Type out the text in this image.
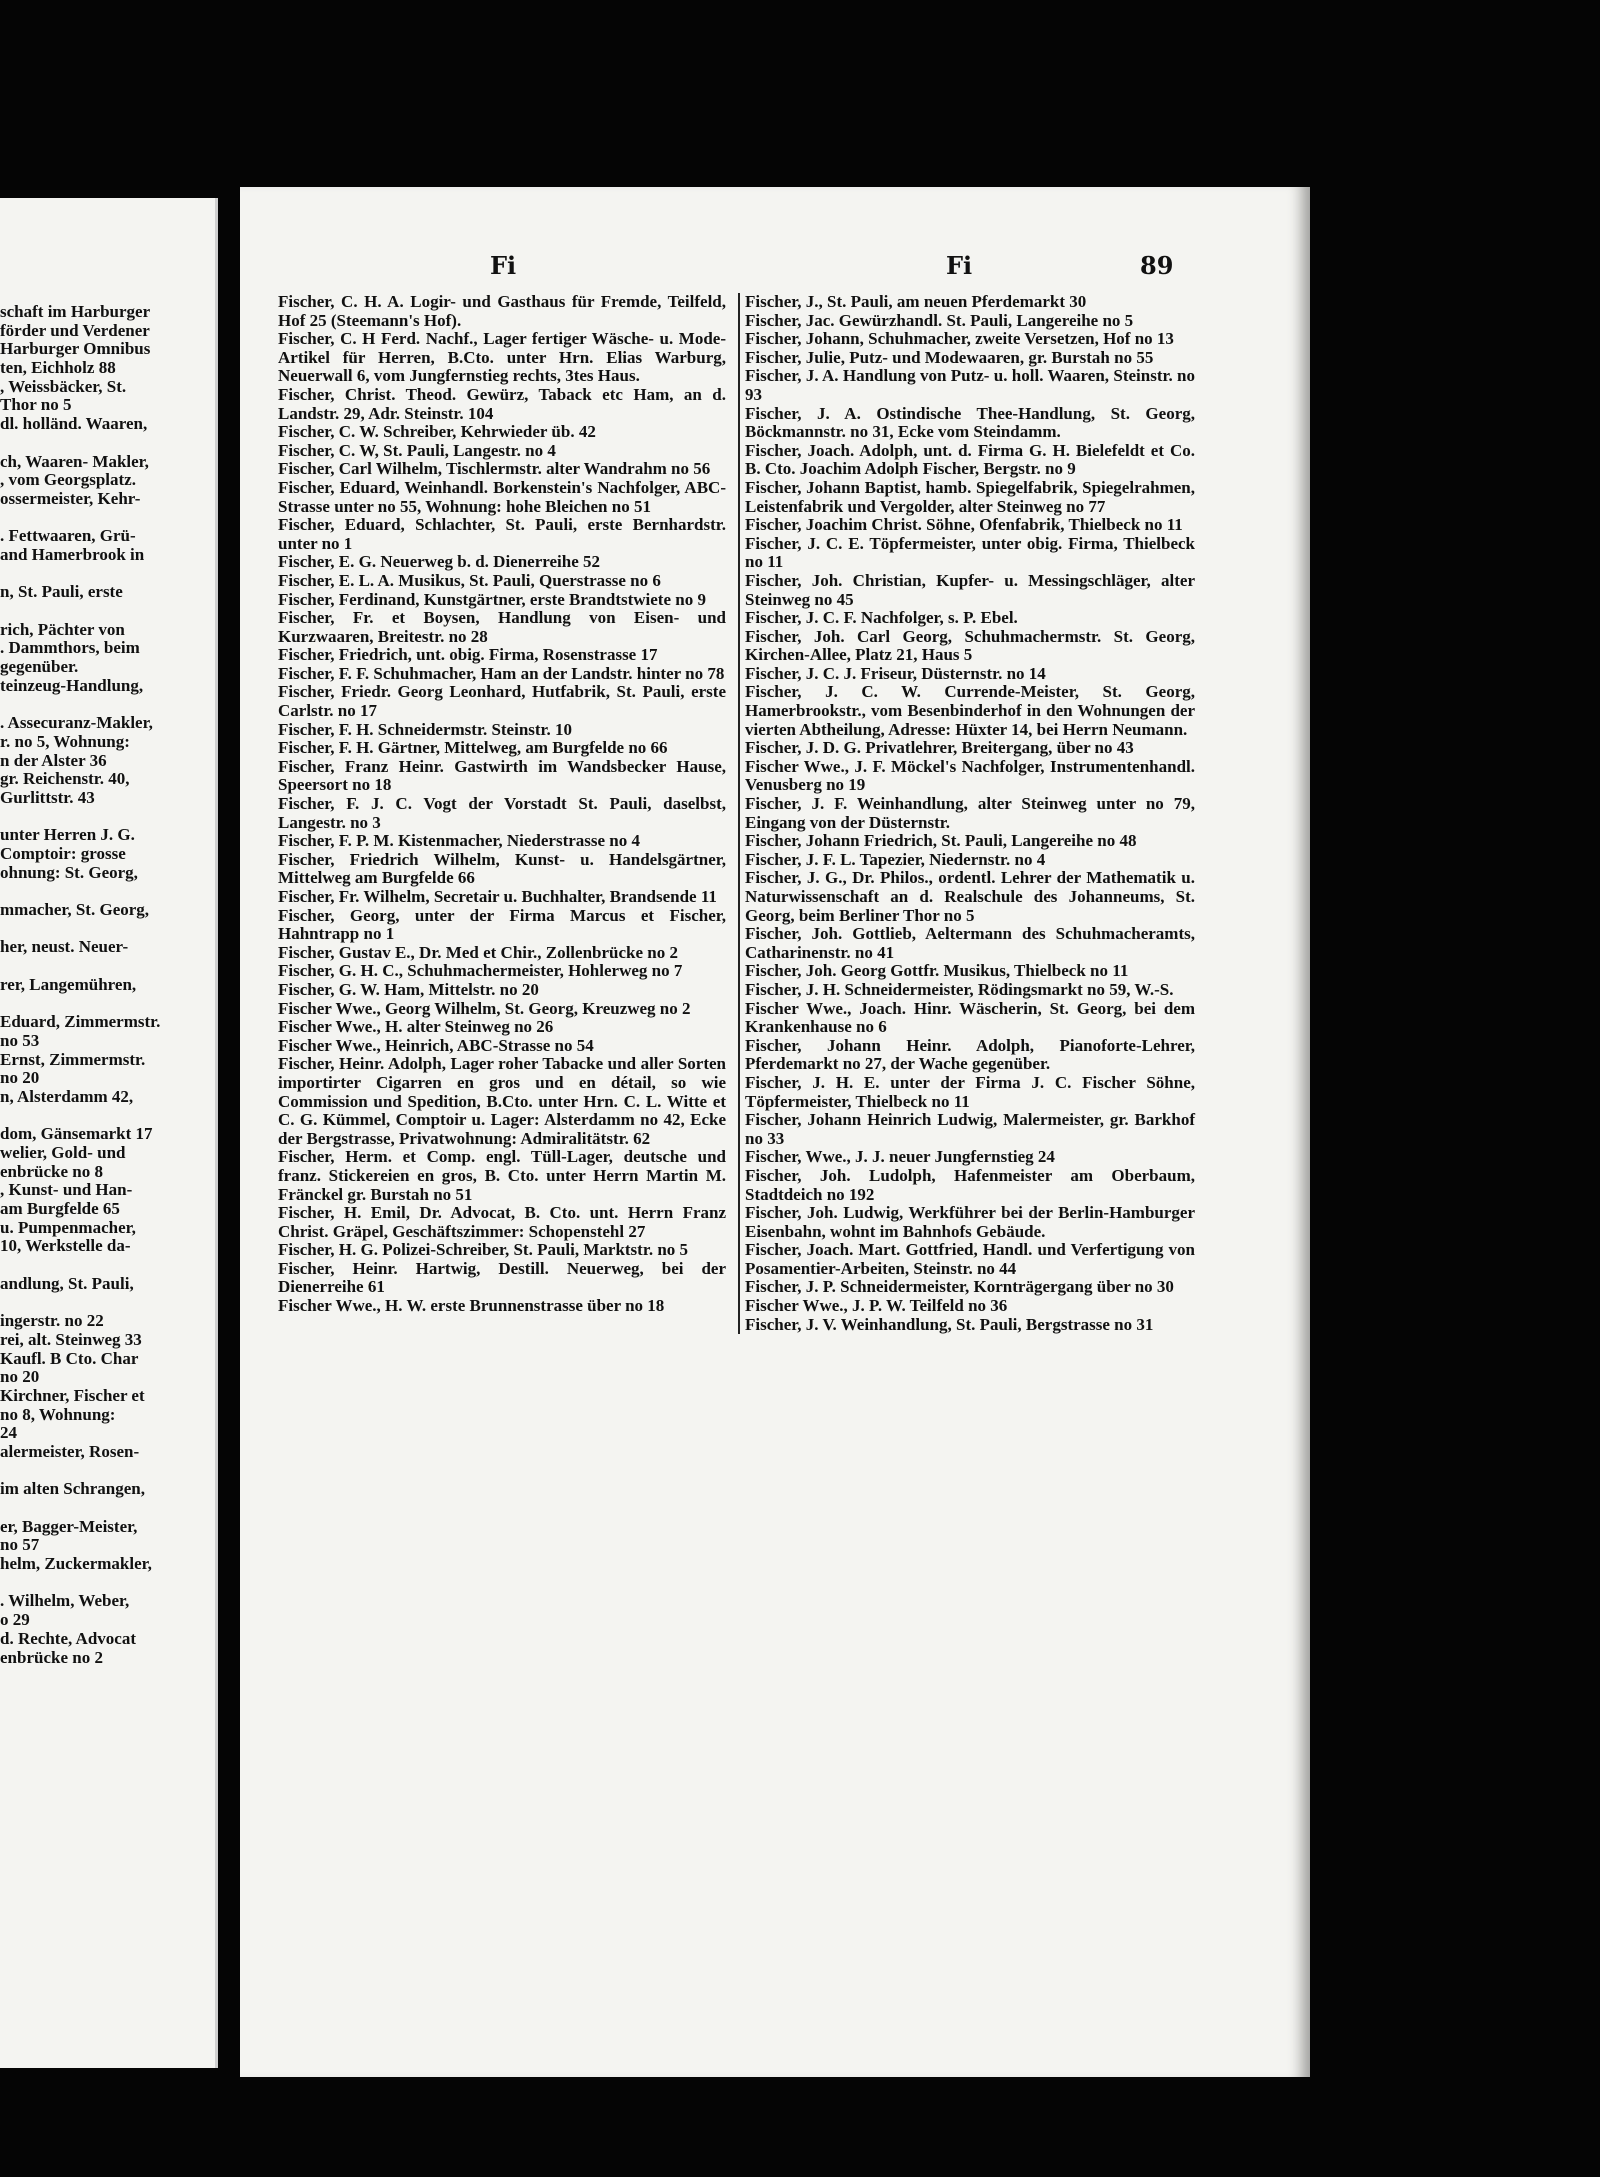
schaft im Harburger
förder und Verdener
Harburger Omnibus
ten, Eichholz 88
, Weissbäcker, St.
Thor no 5
dl. holländ. Waaren,
ch, Waaren- Makler,
, vom Georgsplatz.
ossermeister, Kehr-
. Fettwaaren, Grü-
and Hamerbrook in
n, St. Pauli, erste
rich, Pächter von
. Dammthors, beim
gegenüber.
teinzeug-Handlung,
. Assecuranz-Makler,
r. no 5, Wohnung:
n der Alster 36
gr. Reichenstr. 40,
Gurlittstr. 43
unter Herren J. G.
Comptoir: grosse
ohnung: St. Georg,
mmacher, St. Georg,
her, neust. Neuer-
rer, Langemühren,
Eduard, Zimmermstr.
no 53
Ernst, Zimmermstr.
no 20
n, Alsterdamm 42,
dom, Gänsemarkt 17
welier, Gold- und
enbrücke no 8
, Kunst- und Han-
am Burgfelde 65
u. Pumpenmacher,
10, Werkstelle da-
andlung, St. Pauli,
ingerstr. no 22
rei, alt. Steinweg 33
Kaufl. B Cto. Char
no 20
Kirchner, Fischer et
no 8, Wohnung:
24
alermeister, Rosen-
im alten Schrangen,
er, Bagger-Meister,
no 57
helm, Zuckermakler,
. Wilhelm, Weber,
o 29
d. Rechte, Advocat
enbrücke no 2
Fi	Fi	89

Fischer, C. H. A. Logir- und Gasthaus für Fremde, Teilfeld, Hof 25 (Steemann's Hof).

Fischer, C. H Ferd. Nachf., Lager fertiger Wäsche- u. Mode-Artikel für Herren, B.Cto. unter Hrn. Elias Warburg, Neuerwall 6, vom Jungfernstieg rechts, 3tes Haus.

Fischer, Christ. Theod. Gewürz, Taback etc Ham, an d. Landstr. 29, Adr. Steinstr. 104

Fischer, C. W. Schreiber, Kehrwieder üb. 42

Fischer, C. W, St. Pauli, Langestr. no 4

Fischer, Carl Wilhelm, Tischlermstr. alter Wandrahm no 56

Fischer, Eduard, Weinhandl. Borkenstein's Nachfolger, ABC-Strasse unter no 55, Wohnung: hohe Bleichen no 51

Fischer, Eduard, Schlachter, St. Pauli, erste Bernhardstr. unter no 1

Fischer, E. G. Neuerweg b. d. Dienerreihe 52

Fischer, E. L. A. Musikus, St. Pauli, Querstrasse no 6

Fischer, Ferdinand, Kunstgärtner, erste Brandtstwiete no 9

Fischer, Fr. et Boysen, Handlung von Eisen- und Kurzwaaren, Breitestr. no 28

Fischer, Friedrich, unt. obig. Firma, Rosenstrasse 17

Fischer, F. F. Schuhmacher, Ham an der Landstr. hinter no 78

Fischer, Friedr. Georg Leonhard, Hutfabrik, St. Pauli, erste Carlstr. no 17

Fischer, F. H. Schneidermstr. Steinstr. 10

Fischer, F. H. Gärtner, Mittelweg, am Burgfelde no 66

Fischer, Franz Heinr. Gastwirth im Wandsbecker Hause, Speersort no 18

Fischer, F. J. C. Vogt der Vorstadt St. Pauli, daselbst, Langestr. no 3

Fischer, F. P. M. Kistenmacher, Niederstrasse no 4

Fischer, Friedrich Wilhelm, Kunst- u. Handelsgärtner, Mittelweg am Burgfelde 66

Fischer, Fr. Wilhelm, Secretair u. Buchhalter, Brandsende 11

Fischer, Georg, unter der Firma Marcus et Fischer, Hahntrapp no 1

Fischer, Gustav E., Dr. Med et Chir., Zollenbrücke no 2

Fischer, G. H. C., Schuhmachermeister, Hohlerweg no 7

Fischer, G. W. Ham, Mittelstr. no 20

Fischer Wwe., Georg Wilhelm, St. Georg, Kreuzweg no 2

Fischer Wwe., H. alter Steinweg no 26

Fischer Wwe., Heinrich, ABC-Strasse no 54

Fischer, Heinr. Adolph, Lager roher Tabacke und aller Sorten importirter Cigarren en gros und en détail, so wie Commission und Spedition, B.Cto. unter Hrn. C. L. Witte et C. G. Kümmel, Comptoir u. Lager: Alsterdamm no 42, Ecke der Bergstrasse, Privatwohnung: Admiralitätstr. 62

Fischer, Herm. et Comp. engl. Tüll-Lager, deutsche und franz. Stickereien en gros, B. Cto. unter Herrn Martin M. Fränckel gr. Burstah no 51

Fischer, H. Emil, Dr. Advocat, B. Cto. unt. Herrn Franz Christ. Gräpel, Geschäftszimmer: Schopenstehl 27

Fischer, H. G. Polizei-Schreiber, St. Pauli, Marktstr. no 5

Fischer, Heinr. Hartwig, Destill. Neuerweg, bei der Dienerreihe 61

Fischer Wwe., H. W. erste Brunnenstrasse über no 18

Fischer, J., St. Pauli, am neuen Pferdemarkt 30

Fischer, Jac. Gewürzhandl. St. Pauli, Langereihe no 5

Fischer, Johann, Schuhmacher, zweite Versetzen, Hof no 13

Fischer, Julie, Putz- und Modewaaren, gr. Burstah no 55

Fischer, J. A. Handlung von Putz- u. holl. Waaren, Steinstr. no 93

Fischer, J. A. Ostindische Thee-Handlung, St. Georg, Böckmannstr. no 31, Ecke vom Steindamm.

Fischer, Joach. Adolph, unt. d. Firma G. H. Bielefeldt et Co. B. Cto. Joachim Adolph Fischer, Bergstr. no 9

Fischer, Johann Baptist, hamb. Spiegelfabrik, Spiegelrahmen, Leistenfabrik und Vergolder, alter Steinweg no 77

Fischer, Joachim Christ. Söhne, Ofenfabrik, Thielbeck no 11

Fischer, J. C. E. Töpfermeister, unter obig. Firma, Thielbeck no 11

Fischer, Joh. Christian, Kupfer- u. Messingschläger, alter Steinweg no 45

Fischer, J. C. F. Nachfolger, s. P. Ebel.

Fischer, Joh. Carl Georg, Schuhmachermstr. St. Georg, Kirchen-Allee, Platz 21, Haus 5

Fischer, J. C. J. Friseur, Düsternstr. no 14

Fischer, J. C. W. Currende-Meister, St. Georg, Hamerbrookstr., vom Besenbinderhof in den Wohnungen der vierten Abtheilung, Adresse: Hüxter 14, bei Herrn Neumann.

Fischer, J. D. G. Privatlehrer, Breitergang, über no 43

Fischer Wwe., J. F. Möckel's Nachfolger, Instrumentenhandl. Venusberg no 19

Fischer, J. F. Weinhandlung, alter Steinweg unter no 79, Eingang von der Düsternstr.

Fischer, Johann Friedrich, St. Pauli, Langereihe no 48

Fischer, J. F. L. Tapezier, Niedernstr. no 4

Fischer, J. G., Dr. Philos., ordentl. Lehrer der Mathematik u. Naturwissenschaft an d. Realschule des Johanneums, St. Georg, beim Berliner Thor no 5

Fischer, Joh. Gottlieb, Aeltermann des Schuhmacheramts, Catharinenstr. no 41

Fischer, Joh. Georg Gottfr. Musikus, Thielbeck no 11

Fischer, J. H. Schneidermeister, Rödingsmarkt no 59, W.-S.

Fischer Wwe., Joach. Hinr. Wäscherin, St. Georg, bei dem Krankenhause no 6

Fischer, Johann Heinr. Adolph, Pianoforte-Lehrer, Pferdemarkt no 27, der Wache gegenüber.

Fischer, J. H. E. unter der Firma J. C. Fischer Söhne, Töpfermeister, Thielbeck no 11

Fischer, Johann Heinrich Ludwig, Malermeister, gr. Barkhof no 33

Fischer, Wwe., J. J. neuer Jungfernstieg 24

Fischer, Joh. Ludolph, Hafenmeister am Oberbaum, Stadtdeich no 192

Fischer, Joh. Ludwig, Werkführer bei der Berlin-Hamburger Eisenbahn, wohnt im Bahnhofs Gebäude.

Fischer, Joach. Mart. Gottfried, Handl. und Verfertigung von Posamentier-Arbeiten, Steinstr. no 44

Fischer, J. P. Schneidermeister, Kornträgergang über no 30

Fischer Wwe., J. P. W. Teilfeld no 36

Fischer, J. V. Weinhandlung, St. Pauli, Bergstrasse no 31
